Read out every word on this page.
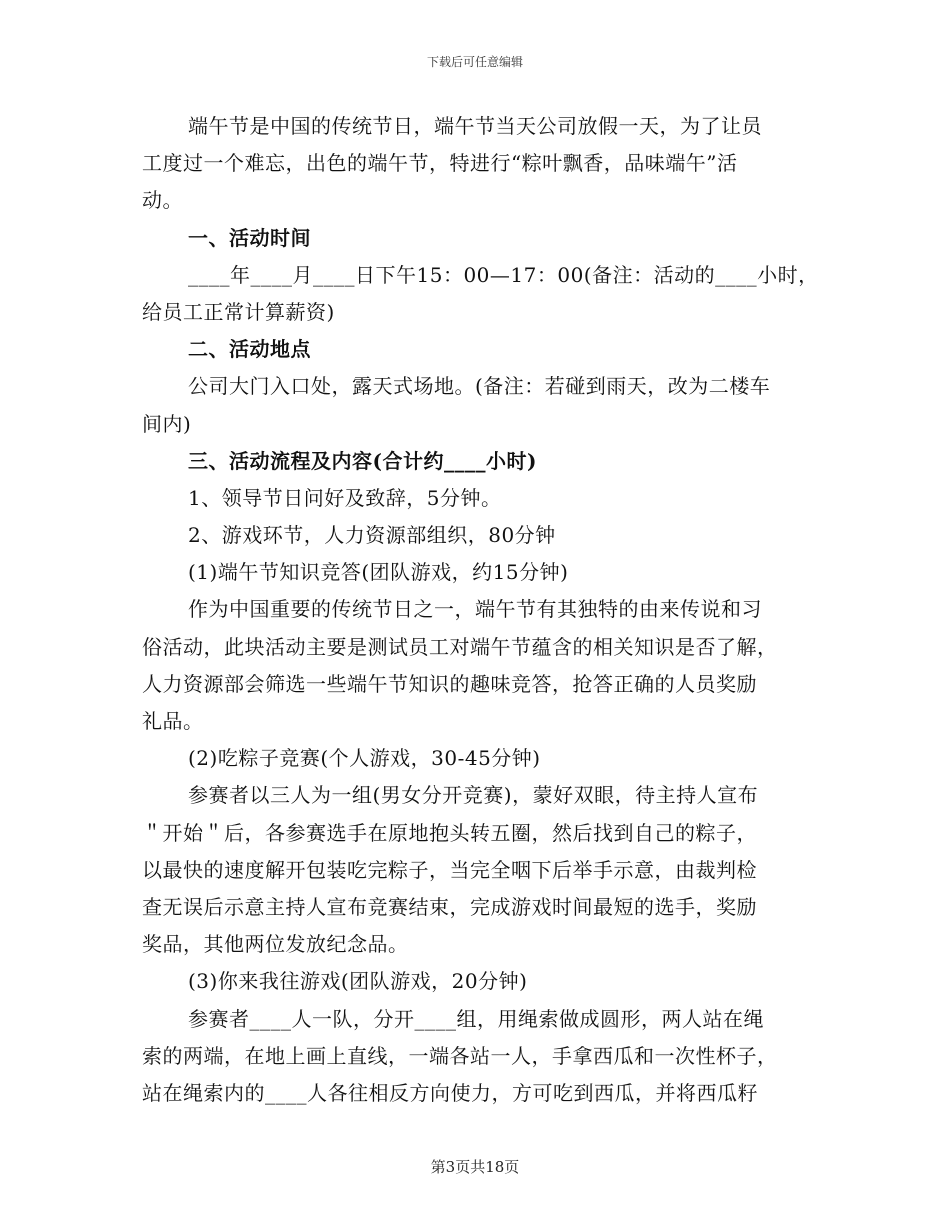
下载后可任意编辑
端午节是中国的传统节日，端午节当天公司放假一天，为了让员
工度过一个难忘，出色的端午节，特进行“粽叶飘香，品味端午”活
动。
一、活动时间
____年____月____日下午15：00—17：00(备注：活动的____小时，
给员工正常计算薪资)
二、活动地点
公司大门入口处，露天式场地。(备注：若碰到雨天，改为二楼车
间内)
三、活动流程及内容(合计约____小时)
1、领导节日问好及致辞，5分钟。
2、游戏环节，人力资源部组织，80分钟
(1)端午节知识竞答(团队游戏，约15分钟)
作为中国重要的传统节日之一，端午节有其独特的由来传说和习
俗活动，此块活动主要是测试员工对端午节蕴含的相关知识是否了解，
人力资源部会筛选一些端午节知识的趣味竞答，抢答正确的人员奖励
礼品。
(2)吃粽子竞赛(个人游戏，30-45分钟)
参赛者以三人为一组(男女分开竞赛)，蒙好双眼，待主持人宣布
＂开始＂后，各参赛选手在原地抱头转五圈，然后找到自己的粽子，
以最快的速度解开包装吃完粽子，当完全咽下后举手示意，由裁判检
查无误后示意主持人宣布竞赛结束，完成游戏时间最短的选手，奖励
奖品，其他两位发放纪念品。
(3)你来我往游戏(团队游戏，20分钟)
参赛者____人一队，分开____组，用绳索做成圆形，两人站在绳
索的两端，在地上画上直线，一端各站一人，手拿西瓜和一次性杯子，
站在绳索内的____人各往相反方向使力，方可吃到西瓜，并将西瓜籽
第3页共18页
